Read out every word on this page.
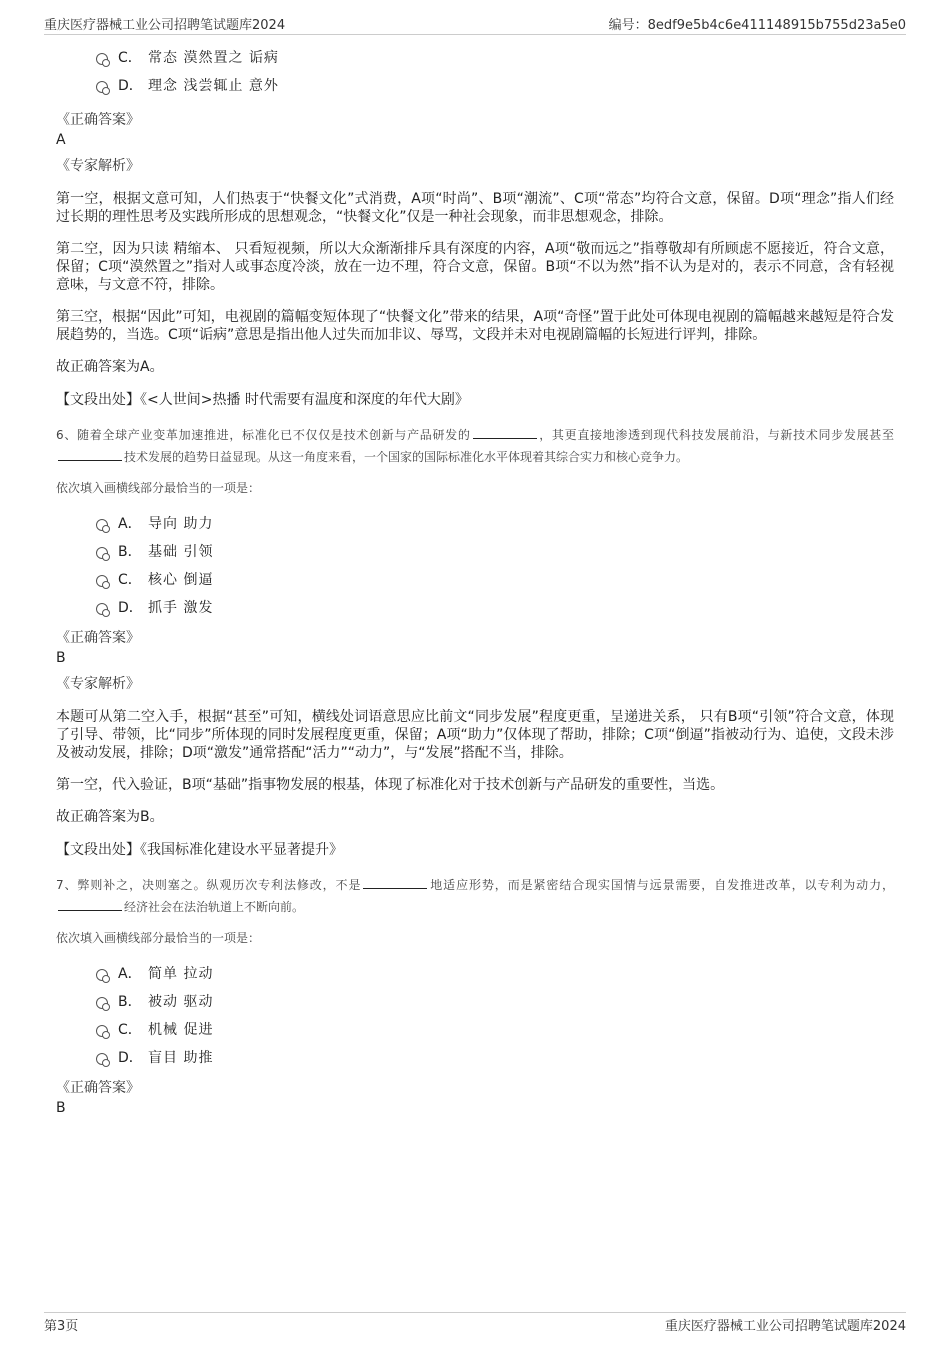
重庆医疗器械工业公司招聘笔试题库2024	编号：8edf9e5b4c6e411148915b755d23a5e0
C． 常态 漠然置之 诟病
D． 理念 浅尝辄止 意外
《正确答案》
A
《专家解析》
第一空，根据文意可知，人们热衷于“快餐文化”式消费，A项“时尚”、B项“潮流”、C项“常态”均符合文意，保留。D项“理念”指人们经过长期的理性思考及实践所形成的思想观念，“快餐文化”仅是一种社会现象，而非思想观念，排除。
第二空，因为只读 精缩本、 只看短视频，所以大众渐渐排斥具有深度的内容，A项“敬而远之”指尊敬却有所顾虑不愿接近，符合文意，保留；C项“漠然置之”指对人或事态度冷淡，放在一边不理，符合文意，保留。B项“不以为然”指不认为是对的，表示不同意，含有轻视意味，与文意不符，排除。
第三空，根据“因此”可知，电视剧的篇幅变短体现了“快餐文化”带来的结果，A项“奇怪”置于此处可体现电视剧的篇幅越来越短是符合发展趋势的，当选。C项“诟病”意思是指出他人过失而加非议、辱骂，文段并未对电视剧篇幅的长短进行评判，排除。
故正确答案为A。
【文段出处】《<人世间>热播 时代需要有温度和深度的年代大剧》
6、随着全球产业变革加速推进，标准化已不仅仅是技术创新与产品研发的	，其更直接地渗透到现代科技发展前沿，与新技术同步发展甚至技术发展的趋势日益显现。从这一角度来看，一个国家的国际标准化水平体现着其综合实力和核心竞争力。
依次填入画横线部分最恰当的一项是：
A． 导向 助力
B． 基础 引领
C． 核心 倒逼
D． 抓手 激发
《正确答案》
B
《专家解析》
本题可从第二空入手，根据“甚至”可知，横线处词语意思应比前文“同步发展”程度更重，呈递进关系， 只有B项“引领”符合文意，体现了引导、带领，比“同步”所体现的同时发展程度更重，保留；A项“助力”仅体现了帮助，排除；C项“倒逼”指被动行为、追使，文段未涉及被动发展，排除；D项“激发”通常搭配“活力”“动力”，与“发展”搭配不当，排除。
第一空，代入验证，B项“基础”指事物发展的根基，体现了标准化对于技术创新与产品研发的重要性，当选。
故正确答案为B。
【文段出处】《我国标准化建设水平显著提升》
7、弊则补之，决则塞之。纵观历次专利法修改，不是	地适应形势，而是紧密结合现实国情与远景需要，自发推进改革，以专利为动力，经济社会在法治轨道上不断向前。
依次填入画横线部分最恰当的一项是：
A． 简单 拉动
B． 被动 驱动
C． 机械 促进
D． 盲目 助推
《正确答案》
B
第3页	重庆医疗器械工业公司招聘笔试题库2024
